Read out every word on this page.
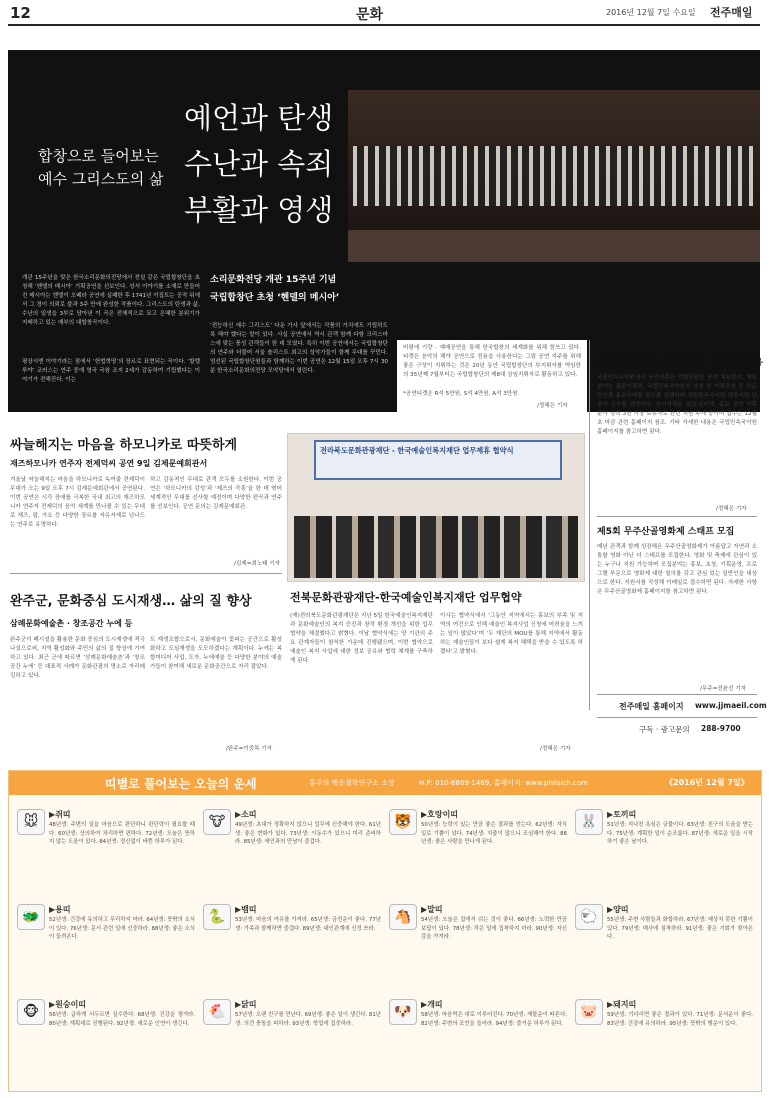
12	문화	2016년 12월 7일 수요일 전주매일
합창으로 들어보는
예수 그리스도의 삶
예언과 탄생
수난과 속죄
부활과 영생
개관 15주년을 맞은 한국소리문화의전당에서 전설 같은 국립합창단을 초청해 ‘헨델의 메시아’ 기획공연을 선보인다. 성서 이야기를 소재로 만들어진 메시아는 헨델이 오페라 공연에 실패한 후 1741년 이집트는 공작 뒤에서 그 경이 의뢰로 불과 3주 만에 완성한 작품이다. 그리스도의 탄생과 삶, 수난의 일생을 3부로 담아낸 이 곡은 전체적으로 묘고 은혜한 분위기가 지배하고 있는 예부의 대합창곡이다.
평상시엔 이야기라는 점에서 ‘헌법혁명’의 장르로 표현되는 곡이다. ‘할렐루야’ 코러스는 연주 중에 영국 국왕 조지 2세가 감동하여 기립했다는 이야기가 전해진다. 이는
소리문화전당 개관 15주년 기념
국립합창단 초청 ‘헨델의 메시아’
‘전능하신 예수 그리스도’ 다운 가사 앞에서는 작품의 가치에도 기립하도록 해야 했다는 말이 있다. 사실 공연에서 역시 관객 함께 다함 크리스마스에 맞는 풍성 관객들이 한 데 모였다. 특히 이번 공연에서는 국립합창단의 연주와 더불어 서울 솔리스트 최고의 성악가들이 함께 무대를 꾸민다. 엄선된 국립합창단원들과 함께하는 이번 공연은 12월 15일 오후 7시 30분 한국소리문화의전당 모악당에서 열린다.
비평에 기량 · 예매공연을 통해 한국합창의 세계화를 위해 힘쓰고 있다. 티켓은 음악의 해야 공연으로 전용을 사용한다는 그림 공연 자주를 위해 좋은 구성이 지휘하는 것은 20년 동안 국립합창단의 부지휘자를 역임한 의 35년째 7월부터는 국립합창단의 제8대 상임지휘자로 활동하고 있다.
*공연티켓은 R석 5만원, S석 4만원, A석 3만원.
/정혜은 기자
국립민속국악원 국악연주단 기획단원 채용
국립민속국악원에서 국악연주단 기획단원을 공개 채용한다. 채용분야는 출판기획과, 국립민속국악원의 상설 및 기획공연 등 모든 공연과 홍보마케팅 업무를 진행하며 국립민속국악원 행정지원 단장이 근무할 예정이다. 응시자격은 학교·인터넷, 홍보 공연 기획 분야 경력 3년 이상 보유자로 관련 지원 주재 중이며 접수는 12월 초 마감 관련 홈페이지 참조. 기타 자세한 내용은 국립민속국악원 홈페이지를 참고하면 된다.
/정혜은 기자
제5회 무주산골영화제 스태프 모집
매년 관객과 함께 성장해온 무주산골영화제가 아름답고 자연과 소통할 영화 아닌 더 스태프를 모집한다. 영화 및 축제에 관심이 있는 누구나 지원 가능하며 모집분야는 홍보, 초청, 기획운영, 프로그램 부문으로 영화제 대한 열의를 갖고 관심 있는 일반인을 대상으로 한다. 지원서를 작성해 이메일로 접수하면 된다. 자세한 사항은 무주산골영화제 홈페이지를 참고하면 된다.
/무주=전윤선 기자
전주매일 홈페이지 www.jjmaeil.com
구독 · 광고문의 288-9700
싸늘해지는 마음을 하모니카로 따뜻하게
재즈하모니카 연주자 전제덕씨 공연 9일 김제문예회관서
겨울날 싸늘해지는 마음을 하모니카로 녹여줄 전제덕이 무대가 오는 9일 오후 7시 김제문예회관에서 공연된다. 이번 공연은 시각 장애를 극복한 국내 최고의 재즈하모니카 연주자 전제덕의 음악 세계를 만나볼 수 있는 무대로 재즈, 팝, 가요 등 다양한 장르를 자유자재로 넘나드는 연주로 유명하다.
하고 감동적인 무대로 관객 모두를 소원한다. 이번 공연은 ‘하모니카의 감성’과 ‘제즈의 즉흥’을 한 데 엮어 세계적인 무대를 선사할 예정이며 다양한 편곡과 연주를 선보인다. 공연 문의는 김제문예회관.
/김제=최노태 기자
완주군, 문화중심 도시재생… 삶의 질 향상
삼례문화예술촌 · 창조공간 누에 등
완주군이 폐시설을 활용한 문화 중심의 도시재생에 적극 나섰으로써, 지역 활성화와 주민의 삶의 질 향상에 기여하고 있다. 최근 군에 따르면 ‘삼례문화예술촌’과 ‘창조공간 누에’ 등 대표적 사례가 문화관광의 명소로 자리매김하고 있다.
트 재생조합으로서, 문화예술이 꽃피는 공간으로 활성화하고 도심재생을 도모하겠다는 계획이다. 누에는 복합미디어 사업, 도자, 누에예술 등 다양한 분야의 예술가들이 참여해 새로운 문화공간으로 자리 잡았다.
/완주=이중목 기자
전라북도문화관광재단 - 한국예술인복지재단 업무제휴 협약식
전북문화관광재단-한국예술인복지재단 업무협약
(재)전라북도문화관광재단은 지난 5일 한국예술인복지재단과 문화예술인의 복지 증진과 창작 환경 개선을 위한 업무협약을 체결했다고 밝혔다. 이날 협약식에는 양 기관의 주요 관계자들이 참석한 가운데 진행됐으며, 이번 협약으로 예술인 복지 사업에 대한 정보 공유와 협력 체계를 구축하게 된다.
이사는 협약식에서 ‘그동안 지역에서는 홍보의 부족 및 지역의 여건으로 인해 예술인 복지사업 신청에 어려움을 느끼는 일이 많았다’며 ‘두 재단의 MOU를 통해 지역에서 활동하는 예술인들이 보다 쉽게 복지 혜택을 받을 수 있도록 하겠다’고 밝혔다.
/정혜은 기자
띠별로 풀어보는 오늘의 운세	홍주의 백운철학연구소 소장	H.P: 010-8869-1469, 홈페이지: www.philsich.com	《2016년 12월 7일》
🐭	▶쥐띠
48년생: 주변의 일을 마음으로 판단하니 판단력이 필요할 때다. 60년생: 상의하여 처리하면 편하다. 72년생: 오늘은 뜻하지 않는 도움이 있다. 84년생: 정신없이 바쁜 하루가 된다.
🐮	▶소띠
49년생: 초대가 정확하지 않으니 업무에 신중해야 한다. 61년생: 좋은 변화가 있다. 73년생: 이동수가 있으니 미리 준비하라. 85년생: 애인과의 만남이 즐겁다.
🐯	▶호랑이띠
50년생: 능력이 있는 만큼 좋은 결과를 얻는다. 62년생: 자식 일로 기쁨이 있다. 74년생: 지출이 많으니 조심해야 한다. 86년생: 좋은 사람을 만나게 된다.
🐰	▶토끼띠
51년생: 지나친 욕심은 금물이다. 63년생: 친구의 도움을 받는다. 75년생: 계획한 일이 순조롭다. 87년생: 새로운 일을 시작하기 좋은 날이다.
🐲	▶용띠
52년생: 건강에 유의하고 무리하지 마라. 64년생: 뜻밖의 소식이 있다. 76년생: 문서 관련 일에 신중하라. 88년생: 좋은 소식이 들려온다.
🐍	▶뱀띠
53년생: 마음의 여유를 가져라. 65년생: 금전운이 좋다. 77년생: 가족과 함께하면 즐겁다. 89년생: 대인관계에 신경 쓰라.
🐴	▶말띠
54년생: 오늘은 집에서 쉬는 것이 좋다. 66년생: 노력한 만큼 보답이 있다. 78년생: 작은 일에 집착하지 마라. 90년생: 자신감을 가져라.
🐑	▶양띠
55년생: 주변 사람들과 화합하라. 67년생: 예상치 못한 기쁨이 있다. 79년생: 매사에 침착하라. 91년생: 좋은 기회가 찾아온다.
🐵	▶원숭이띠
56년생: 급하게 서두르면 실수한다. 68년생: 건강을 챙겨라. 80년생: 계획대로 진행된다. 92년생: 새로운 인연이 생긴다.
🐔	▶닭띠
57년생: 오랜 친구를 만난다. 69년생: 좋은 일이 생긴다. 81년생: 의견 충돌을 피하라. 93년생: 학업에 집중하라.
🐶	▶개띠
58년생: 마음먹은 대로 이루어진다. 70년생: 재물운이 따른다. 82년생: 주변의 조언을 들어라. 94년생: 즐거운 하루가 된다.
🐷	▶돼지띠
59년생: 기다리면 좋은 결과가 있다. 71년생: 문서운이 좋다. 83년생: 건강에 유의하라. 95년생: 뜻밖의 행운이 있다.
